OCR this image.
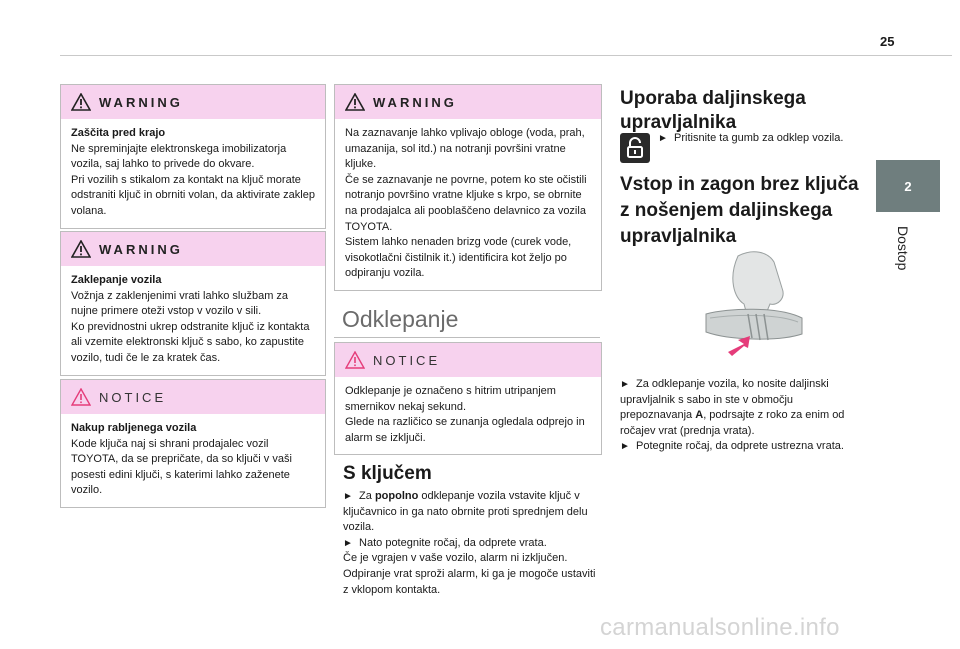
25
2
Dostop
WARNING
Zaščita pred krajo
Ne spreminjajte elektronskega imobilizatorja vozila, saj lahko to privede do okvare.
Pri vozilih s stikalom za kontakt na ključ morate odstraniti ključ in obrniti volan, da aktivirate zaklep volana.
WARNING
Zaklepanje vozila
Vožnja z zaklenjenimi vrati lahko službam za nujne primere oteži vstop v vozilo v sili.
Ko previdnostni ukrep odstranite ključ iz kontakta ali vzemite elektronski ključ s sabo, ko zapustite vozilo, tudi če le za kratek čas.
NOTICE
Nakup rabljenega vozila
Kode ključa naj si shrani prodajalec vozil TOYOTA, da se prepričate, da so ključi v vaši posesti edini ključi, s katerimi lahko zaženete vozilo.
WARNING
Na zaznavanje lahko vplivajo obloge (voda, prah, umazanija, sol itd.) na notranji površini vratne kljuke.
Če se zaznavanje ne povrne, potem ko ste očistili notranjo površino vratne kljuke s krpo, se obrnite na prodajalca ali pooblaščeno delavnico za vozila TOYOTA.
Sistem lahko nenaden brizg vode (curek vode, visokotlačni čistilnik it.) identificira kot željo po odpiranju vozila.
Odklepanje
NOTICE
Odklepanje je označeno s hitrim utripanjem smernikov nekaj sekund.
Glede na različico se zunanja ogledala odprejo in alarm se izključi.
S ključem
► Za popolno odklepanje vozila vstavite ključ v ključavnico in ga nato obrnite proti sprednjem delu vozila.
► Nato potegnite ročaj, da odprete vrata.
Če je vgrajen v vaše vozilo, alarm ni izključen. Odpiranje vrat sproži alarm, ki ga je mogoče ustaviti z vklopom kontakta.
Uporaba daljinskega upravljalnika
► Pritisnite ta gumb za odklep vozila.
Vstop in zagon brez ključa z nošenjem daljinskega upravljalnika
► Za odklepanje vozila, ko nosite daljinski upravljalnik s sabo in ste v območju prepoznavanja A, podrsajte z roko za enim od ročajev vrat (prednja vrata).
► Potegnite ročaj, da odprete ustrezna vrata.
carmanualsonline.info
